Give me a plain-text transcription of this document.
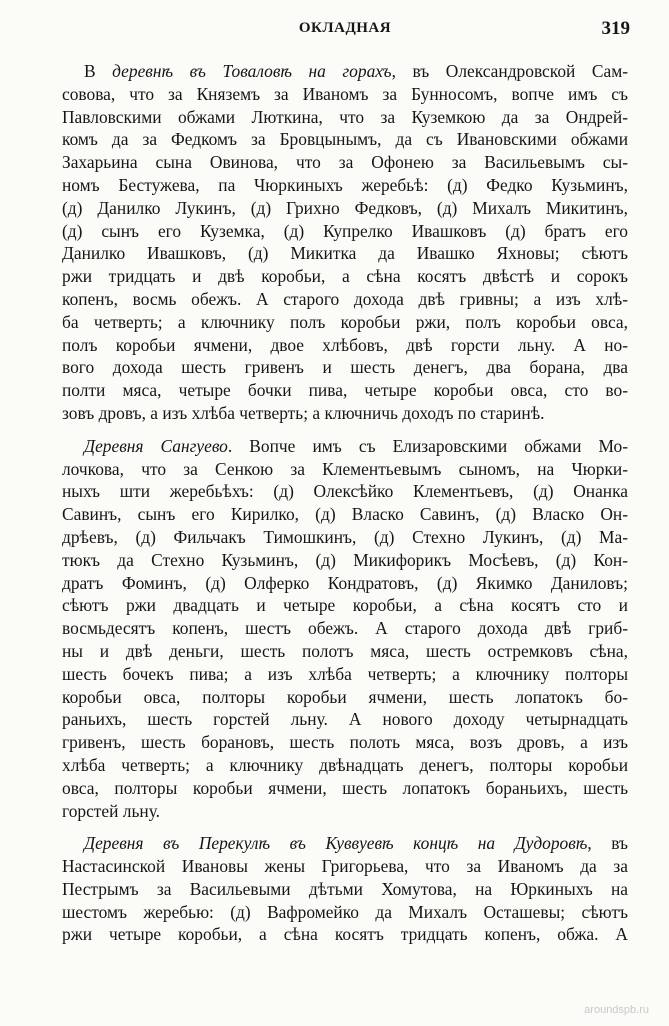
ОКЛАДНАЯ	319
В деревнѣ въ Товаловѣ на горахъ, въ Олександровской Сам-
совова, что за Княземъ за Иваномъ за Бунносомъ, вопче имъ съ
Павловскими обжами Люткина, что за Куземкою да за Ондрей-
комъ да за Федкомъ за Бровцынымъ, да съ Ивановскими обжами
Захарьина сына Овинова, что за Офонею за Васильевымъ сы-
номъ Бестужева, па Чюркиныхъ жеребьѣ: (д) Федко Кузьминъ,
(д) Данилко Лукинъ, (д) Грихно Федковъ, (д) Михалъ Микитинъ,
(д) сынъ его Куземка, (д) Купрелко Ивашковъ (д) братъ его
Данилко Ивашковъ, (д) Микитка да Ивашко Яхновы; сѣютъ
ржи тридцать и двѣ коробьи, а сѣна косятъ двѣстѣ и сорокъ
копенъ, восмь обежъ. А старого дохода двѣ гривны; а изъ хлѣ-
ба четверть; а ключнику полъ коробьи ржи, полъ коробьи овса,
полъ коробьи ячмени, двое хлѣбовъ, двѣ горсти льну. А но-
вого дохода шесть гривенъ и шесть денегъ, два борана, два
полти мяса, четыре бочки пива, четыре коробьи овса, сто во-
зовъ дровъ, а изъ хлѣба четверть; а ключничь доходъ по старинѣ.
Деревня Сангуево. Вопче имъ съ Елизаровскими обжами Мо-
лочкова, что за Сенкою за Клементьевымъ сыномъ, на Чюрки-
ныхъ шти жеребьѣхъ: (д) Олексѣйко Клементьевъ, (д) Онанка
Савинъ, сынъ его Кирилко, (д) Власко Савинъ, (д) Власко Он-
дрѣевъ, (д) Фильчакъ Тимошкинъ, (д) Стехно Лукинъ, (д) Ма-
тюкъ да Стехно Кузьминъ, (д) Микифорикъ Мосѣевъ, (д) Кон-
дратъ Фоминъ, (д) Олферко Кондратовъ, (д) Якимко Даниловъ;
сѣютъ ржи двадцать и четыре коробьи, а сѣна косятъ сто и
восмьдесятъ копенъ, шестъ обежъ. А старого дохода двѣ гриб-
ны и двѣ деньги, шесть полотъ мяса, шесть остремковъ сѣна,
шесть бочекъ пива; а изъ хлѣба четверть; а ключнику полторы
коробьи овса, полторы коробьи ячмени, шесть лопатокъ бо-
раньихъ, шесть горстей льну. А нового доходу четырнадцать
гривенъ, шесть борановъ, шесть полоть мяса, возъ дровъ, а изъ
хлѣба четверть; а ключнику двѣнадцать денегъ, полторы коробьи
овса, полторы коробьи ячмени, шесть лопатокъ бораньихъ, шесть
горстей льну.
Деревня въ Перекулѣ въ Куввуевѣ концѣ на Дудоровѣ, въ
Настасинской Ивановы жены Григорьева, что за Иваномъ да за
Пестрымъ за Васильевыми дѣтьми Хомутова, на Юркиныхъ на
шестомъ жеребью: (д) Вафромейко да Михалъ Осташевы; сѣютъ
ржи четыре коробьи, а сѣна косятъ тридцать копенъ, обжа. А
aroundspb.ru
